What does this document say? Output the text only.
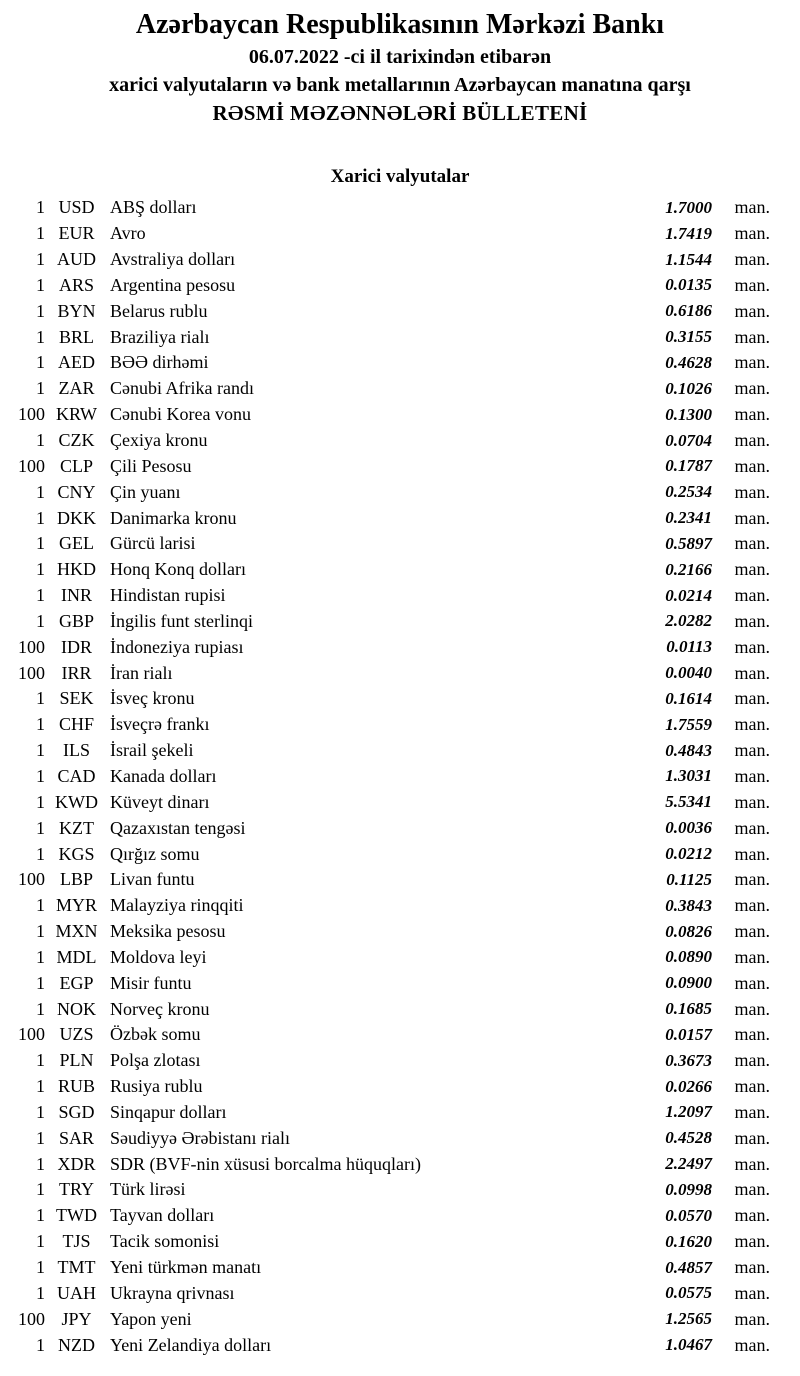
Azərbaycan Respublikasının Mərkəzi Bankı
06.07.2022 -ci il tarixindən etibarən
xarici valyutaların və bank metallarının Azərbaycan manatına qarşı
RƏSMİ MƏZƏNNƏLƏRİ BÜLLETENİ
Xarici valyutalar
1 USD ABŞ dolları	1.7000	man.
1 EUR Avro	1.7419	man.
1 AUD Avstraliya dolları	1.1544	man.
1 ARS Argentina pesosu	0.0135	man.
1 BYN Belarus rublu	0.6186	man.
1 BRL Braziliya rialı	0.3155	man.
1 AED BƏƏ dirhəmi	0.4628	man.
1 ZAR Cənubi Afrika randı	0.1026	man.
100 KRW Cənubi Korea vonu	0.1300	man.
1 CZK Çexiya kronu	0.0704	man.
100 CLP Çili Pesosu	0.1787	man.
1 CNY Çin yuanı	0.2534	man.
1 DKK Danimarka kronu	0.2341	man.
1 GEL Gürcü larisi	0.5897	man.
1 HKD Honq Konq dolları	0.2166	man.
1 INR	Hindistan rupisi	0.0214	man.
1 GBP İngilis funt sterlinqi	2.0282	man.
100 IDR	İndoneziya rupiası	0.0113	man.
100 IRR	İran rialı	0.0040	man.
1 SEK İsveç kronu	0.1614	man.
1 CHF İsveçrə frankı	1.7559	man.
1	ILS	İsrail şekeli	0.4843	man.
1 CAD Kanada dolları	1.3031	man.
1 KWD Küveyt dinarı	5.5341	man.
1 KZT Qazaxıstan tengəsi	0.0036	man.
1 KGS Qırğız somu	0.0212	man.
100 LBP Livan funtu	0.1125	man.
1 MYR Malayziya rinqqiti	0.3843	man.
1 MXN Meksika pesosu	0.0826	man.
1 MDL Moldova leyi	0.0890	man.
1 EGP Misir funtu	0.0900	man.
1 NOK Norveç kronu	0.1685	man.
100 UZS Özbək somu	0.0157	man.
1 PLN Polşa zlotası	0.3673	man.
1 RUB Rusiya rublu	0.0266	man.
1 SGD Sinqapur dolları	1.2097	man.
1 SAR Səudiyyə Ərəbistanı rialı	0.4528	man.
1 XDR SDR (BVF-nin xüsusi borcalma hüquqları)	2.2497	man.
1 TRY Türk lirəsi	0.0998	man.
1 TWD Tayvan dolları	0.0570	man.
1 TJS	Tacik somonisi	0.1620	man.
1 TMT Yeni türkmən manatı	0.4857	man.
1 UAH Ukrayna qrivnası	0.0575	man.
100 JPY	Yapon yeni	1.2565	man.
1 NZD Yeni Zelandiya dolları	1.0467	man.
